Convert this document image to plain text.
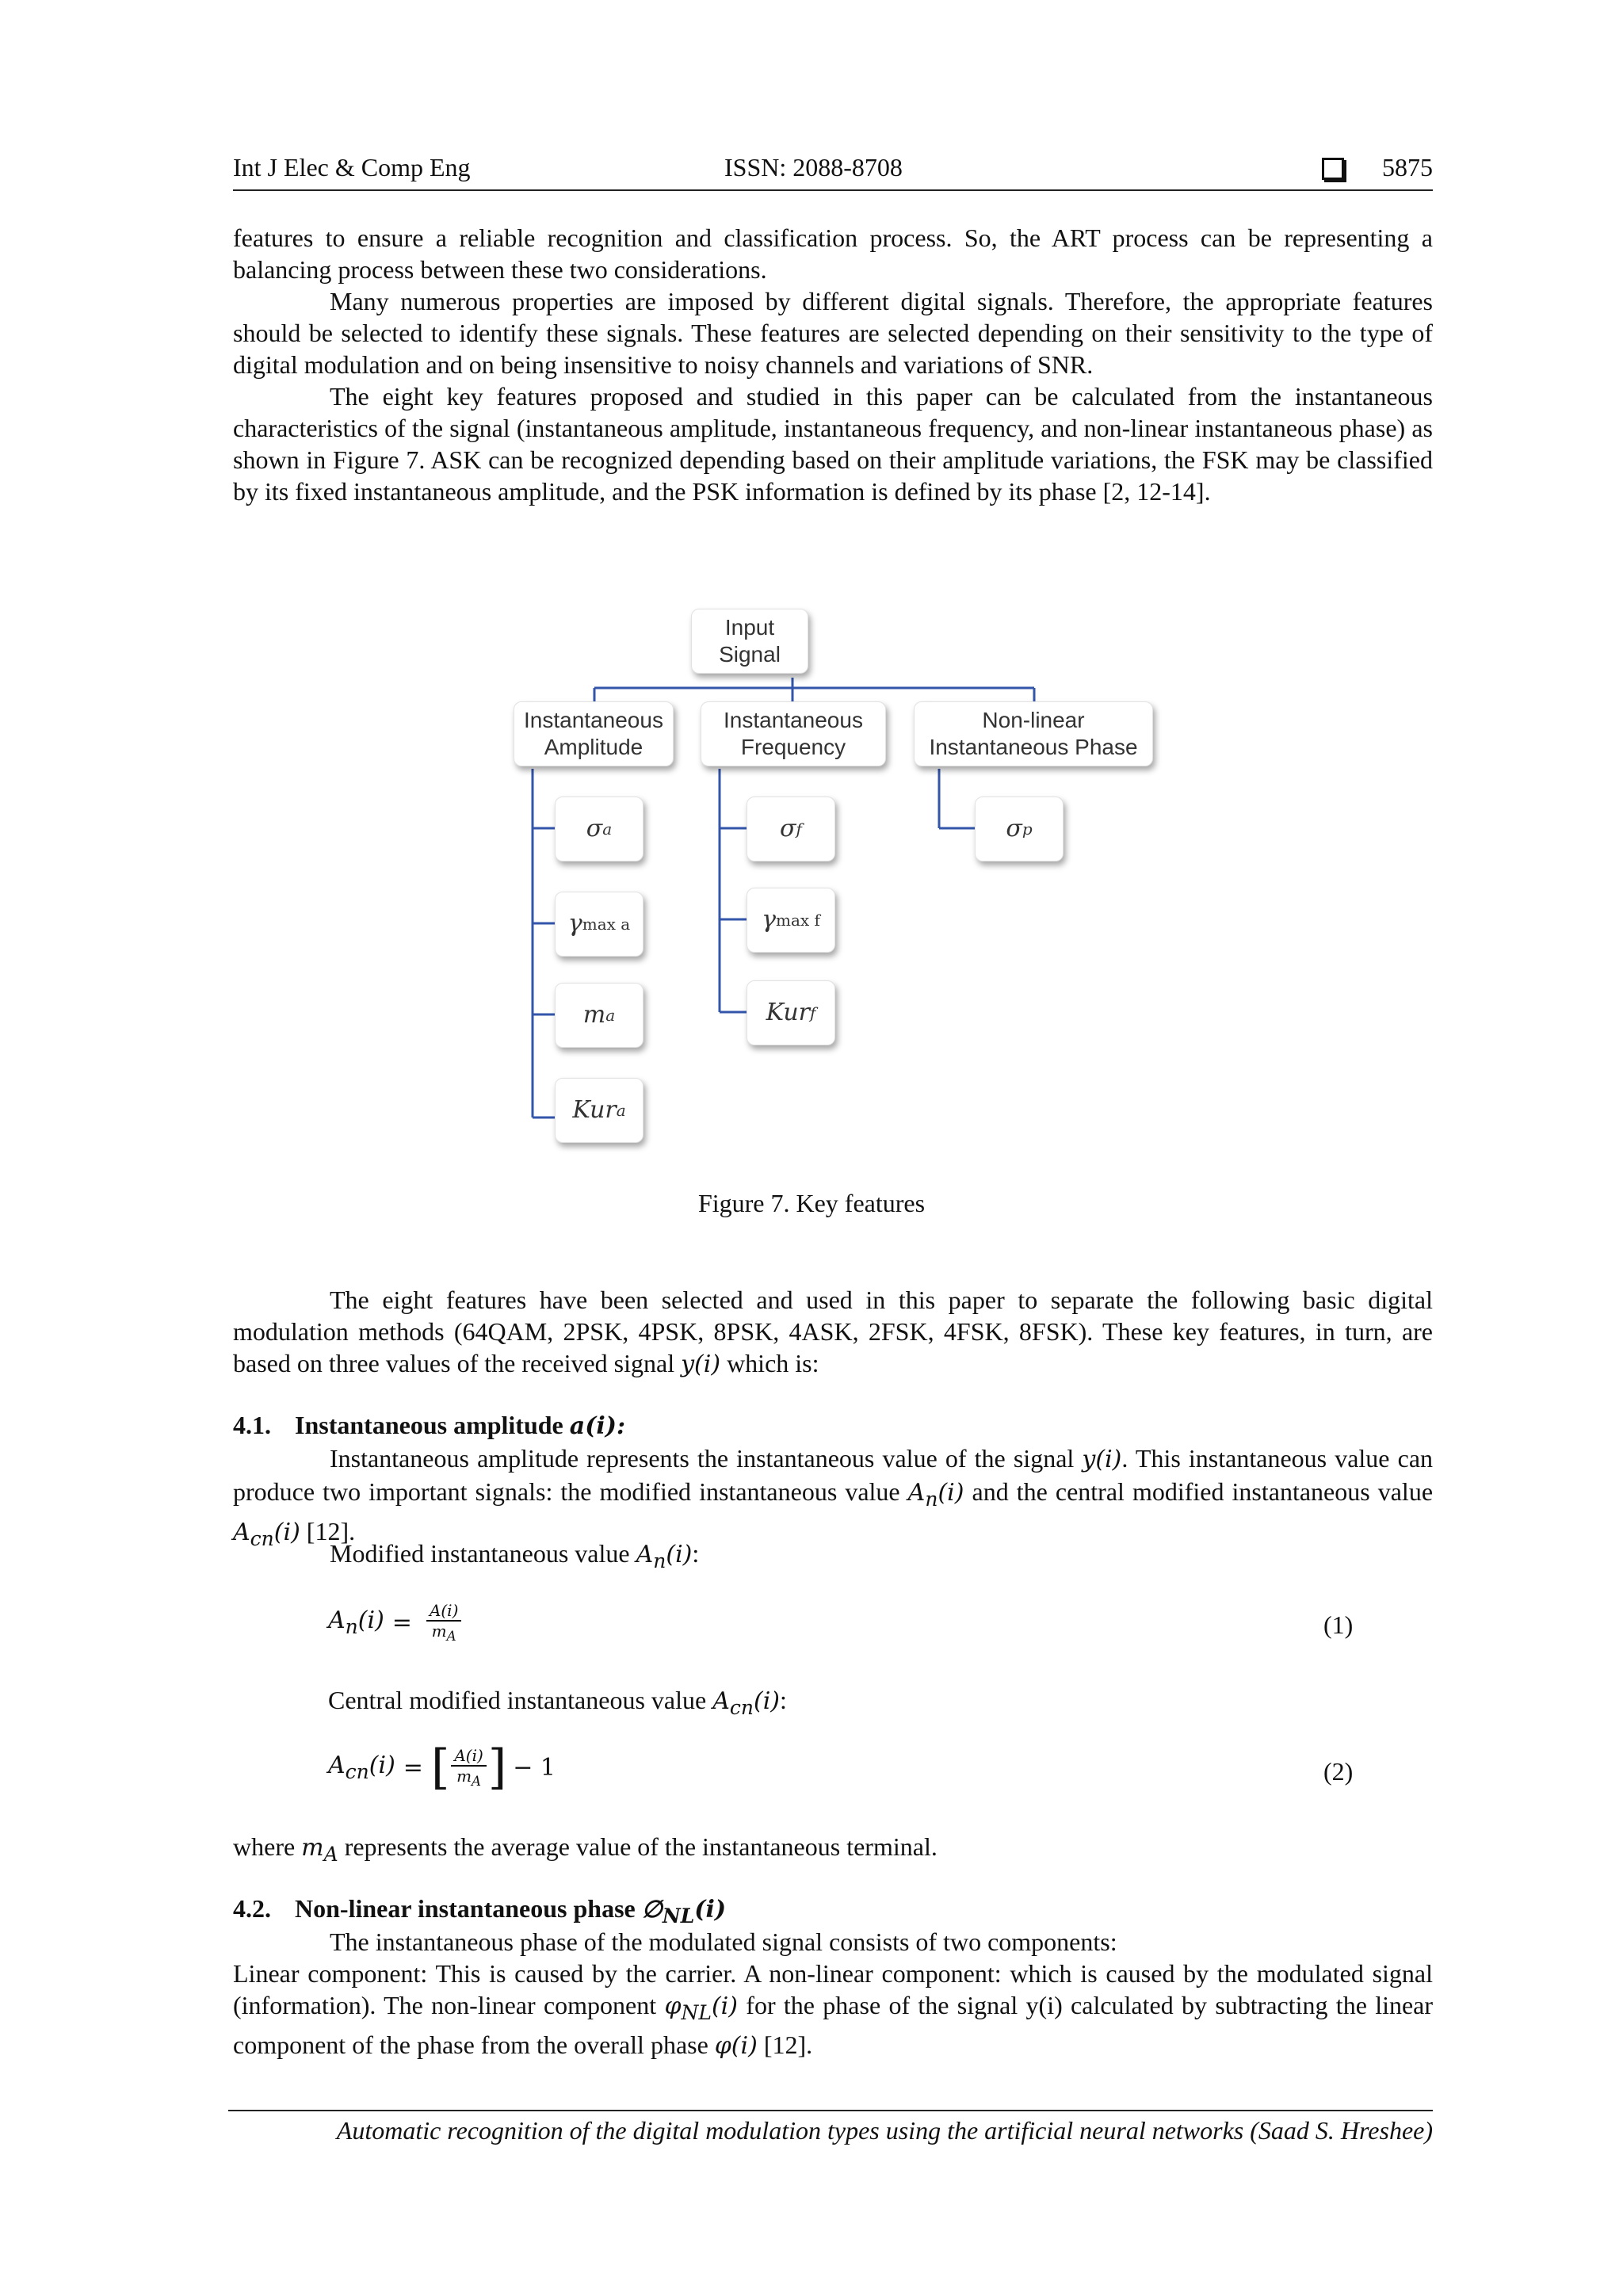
Int J Elec & Comp Eng	ISSN: 2088-8708	5875
features to ensure a reliable recognition and classification process. So, the ART process can be representing a balancing process between these two considerations.
Many numerous properties are imposed by different digital signals. Therefore, the appropriate features should be selected to identify these signals. These features are selected depending on their sensitivity to the type of digital modulation and on being insensitive to noisy channels and variations of SNR.
The eight key features proposed and studied in this paper can be calculated from the instantaneous characteristics of the signal (instantaneous amplitude, instantaneous frequency, and non-linear instantaneous phase) as shown in Figure 7. ASK can be recognized depending based on their amplitude variations, the FSK may be classified by its fixed instantaneous amplitude, and the PSK information is defined by its phase [2, 12-14].
Input Signal
Instantaneous Amplitude
Instantaneous Frequency
Non-linear Instantaneous Phase
σ a
γ max a
m a
Kur a
σ f
γ max f
Kur f
σ p
Figure 7. Key features
The eight features have been selected and used in this paper to separate the following basic digital modulation methods (64QAM, 2PSK, 4PSK, 8PSK, 4ASK, 2FSK, 4FSK, 8FSK). These key features, in turn, are based on three values of the received signal y(i) which is:
4.1. Instantaneous amplitude a(i):
Instantaneous amplitude represents the instantaneous value of the signal y(i). This instantaneous value can produce two important signals: the modified instantaneous value $A_n(i)$ and the central modified instantaneous value $A_{cn}(i)$ [12].
Modified instantaneous value $A_n(i)$:
$A_n(i) = \frac{A(i)}{m_A}$	(1)
Central modified instantaneous value $A_{cn}(i)$:
$A_{cn}(i)$ = [ $\frac{A(i)}{m_A}$ ] − 1	(2)
where $m_A$ represents the average value of the instantaneous terminal.
4.2. Non-linear instantaneous phase $\emptyset_{NL}(i)$
The instantaneous phase of the modulated signal consists of two components:
Linear component: This is caused by the carrier. A non-linear component: which is caused by the modulated signal (information). The non-linear component $\varphi_{NL}(i)$ for the phase of the signal y(i) calculated by subtracting the linear component of the phase from the overall phase φ(i) [12].
Automatic recognition of the digital modulation types using the artificial neural networks (Saad S. Hreshee)
